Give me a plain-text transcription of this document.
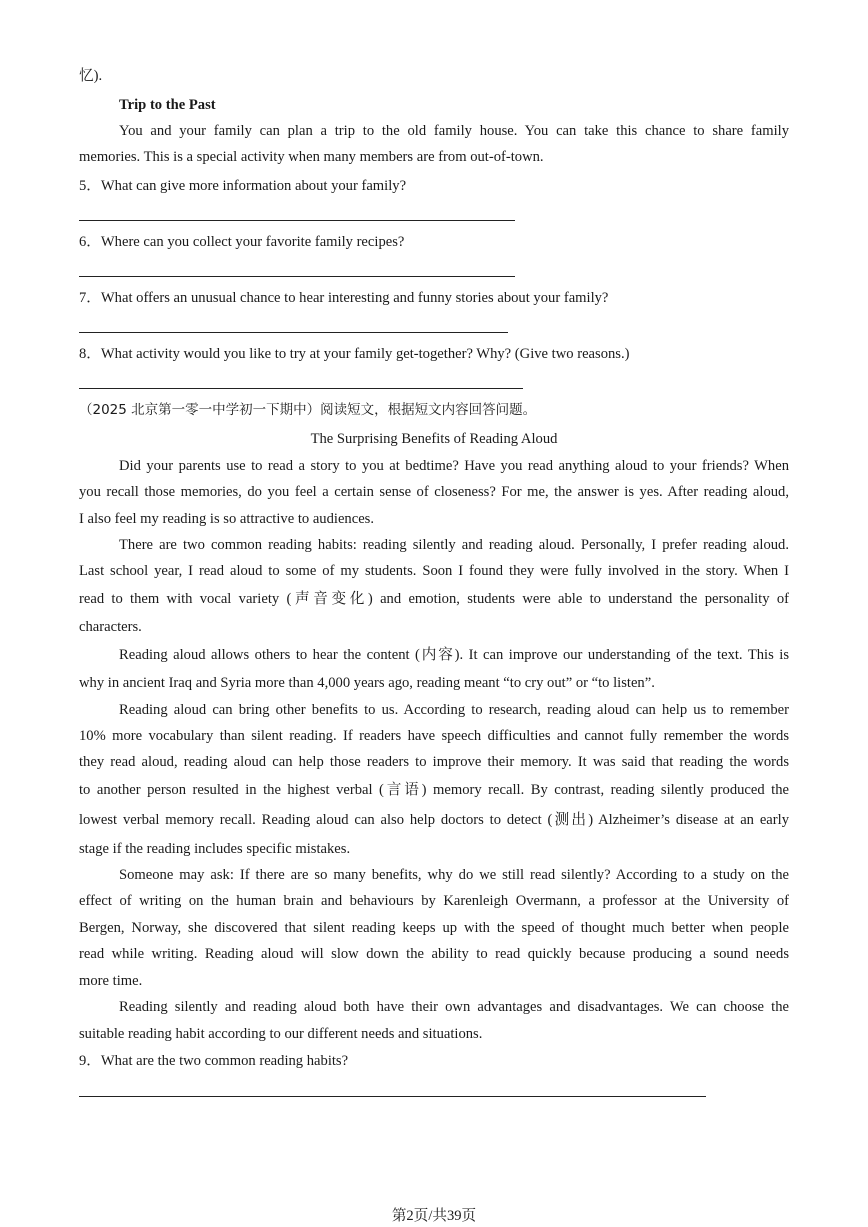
忆).
Trip to the Past
You and your family can plan a trip to the old family house. You can take this chance to share family
memories. This is a special activity when many members are from out-of-town.
5．What can give more information about your family?
6．Where can you collect your favorite family recipes?
7．What offers an unusual chance to hear interesting and funny stories about your family?
8．What activity would you like to try at your family get-together? Why? (Give two reasons.)
（2025 北京第一零一中学初一下期中）阅读短文，根据短文内容回答问题。
The Surprising Benefits of Reading Aloud
Did your parents use to read a story to you at bedtime? Have you read anything aloud to your friends? When
you recall those memories, do you feel a certain sense of closeness? For me, the answer is yes. After reading aloud,
I also feel my reading is so attractive to audiences.
There are two common reading habits: reading silently and reading aloud. Personally, I prefer reading aloud.
Last school year, I read aloud to some of my students. Soon I found they were fully involved in the story. When I
read to them with vocal variety (声音变化) and emotion, students were able to understand the personality of
characters.
Reading aloud allows others to hear the content (内容). It can improve our understanding of the text. This is
why in ancient Iraq and Syria more than 4,000 years ago, reading meant “to cry out” or “to listen”.
Reading aloud can bring other benefits to us. According to research, reading aloud can help us to remember
10% more vocabulary than silent reading. If readers have speech difficulties and cannot fully remember the words
they read aloud, reading aloud can help those readers to improve their memory. It was said that reading the words
to another person resulted in the highest verbal (言语) memory recall. By contrast, reading silently produced the
lowest verbal memory recall. Reading aloud can also help doctors to detect (测出) Alzheimer’s disease at an early
stage if the reading includes specific mistakes.
Someone may ask: If there are so many benefits, why do we still read silently? According to a study on the
effect of writing on the human brain and behaviours by Karenleigh Overmann, a professor at the University of
Bergen, Norway, she discovered that silent reading keeps up with the speed of thought much better when people
read while writing. Reading aloud will slow down the ability to read quickly because producing a sound needs
more time.
Reading silently and reading aloud both have their own advantages and disadvantages. We can choose the
suitable reading habit according to our different needs and situations.
9．What are the two common reading habits?
第2页/共39页
